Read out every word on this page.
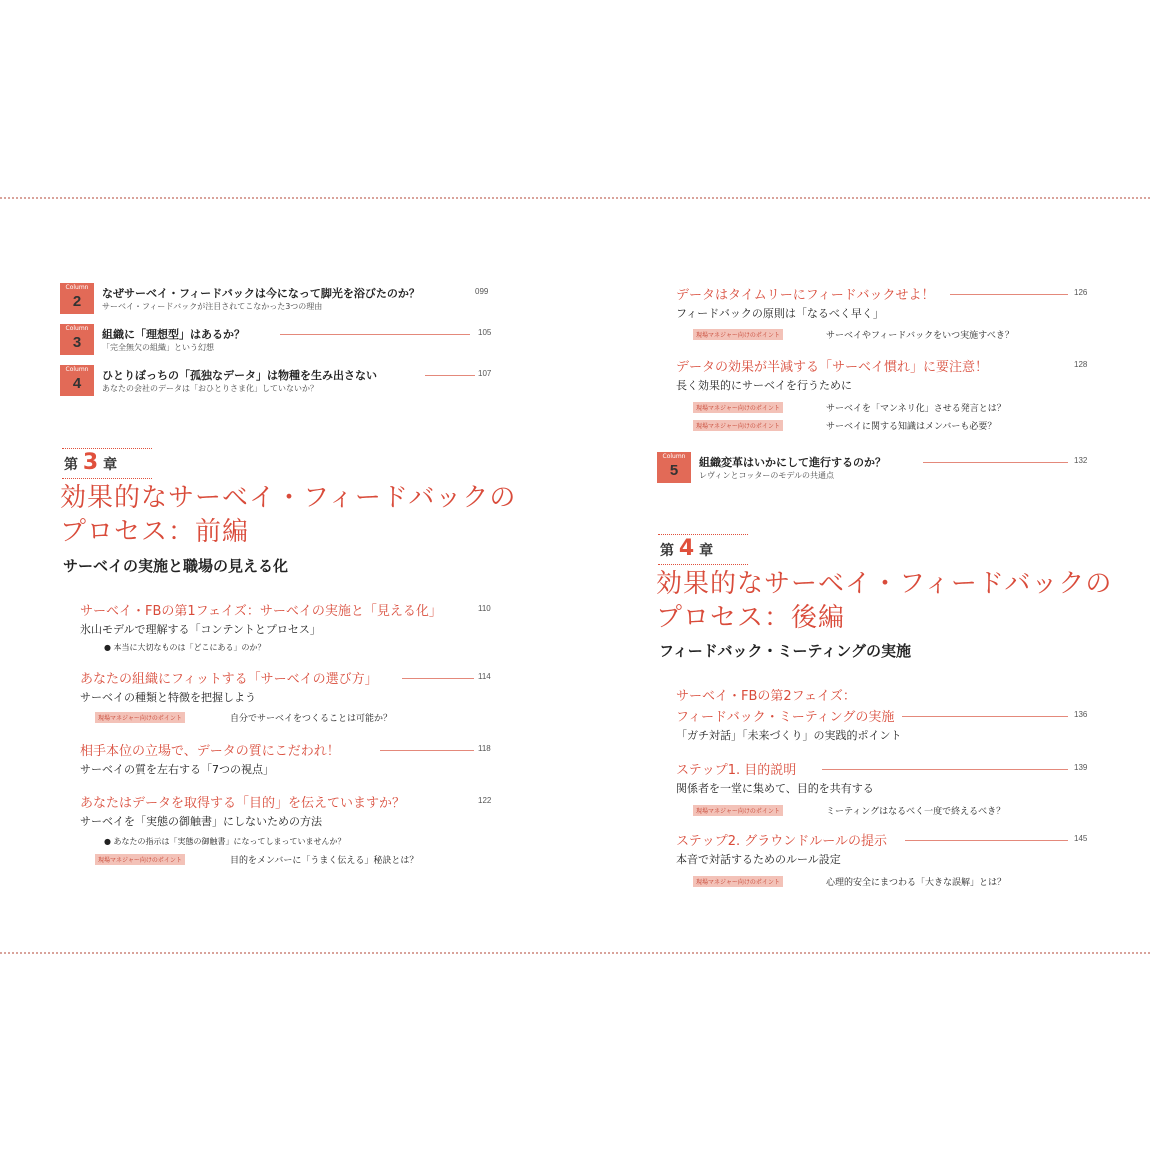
Column
2	なぜサーベイ・フィードバックは今になって脚光を浴びたのか？	099
サーベイ・フィードバックが注目されてこなかった3つの理由
Column
3	組織に「理想型」はあるか？	105
「完全無欠の組織」という幻想
Column
4	ひとりぼっちの「孤独なデータ」は物種を生み出さない	107
あなたの会社のデータは「おひとりさま化」していないか？
第 3 章
効果的なサーベイ・フィードバックの
プロセス：前編
サーベイの実施と職場の見える化
サーベイ・FBの第1フェイズ：サーベイの実施と「見える化」	110
氷山モデルで理解する「コンテントとプロセス」
● 本当に大切なものは「どこにある」のか？
あなたの組織にフィットする「サーベイの選び方」	114
サーベイの種類と特徴を把握しよう
現場マネジャー向けのポイント	自分でサーベイをつくることは可能か？
相手本位の立場で、データの質にこだわれ！	118
サーベイの質を左右する「7つの視点」
あなたはデータを取得する「目的」を伝えていますか？	122
サーベイを「実態の御触書」にしないための方法
● あなたの指示は「実態の御触書」になってしまっていませんか？
現場マネジャー向けのポイント	目的をメンバーに「うまく伝える」秘訣とは？
データはタイムリーにフィードバックせよ！	126
フィードバックの原則は「なるべく早く」
現場マネジャー向けのポイント	サーベイやフィードバックをいつ実施すべき？
データの効果が半減する「サーベイ慣れ」に要注意！	128
長く効果的にサーベイを行うために
現場マネジャー向けのポイント	サーベイを「マンネリ化」させる発言とは？
現場マネジャー向けのポイント	サーベイに関する知識はメンバーも必要？
Column
5	組織変革はいかにして進行するのか？	132
レヴィンとコッターのモデルの共通点
第 4 章
効果的なサーベイ・フィードバックの
プロセス：後編
フィードバック・ミーティングの実施
サーベイ・FBの第2フェイズ：
フィードバック・ミーティングの実施	136
「ガチ対話」「未来づくり」の実践的ポイント
ステップ1. 目的説明	139
関係者を一堂に集めて、目的を共有する
現場マネジャー向けのポイント	ミーティングはなるべく一度で終えるべき？
ステップ2. グラウンドルールの提示	145
本音で対話するためのルール設定
現場マネジャー向けのポイント	心理的安全にまつわる「大きな誤解」とは？
